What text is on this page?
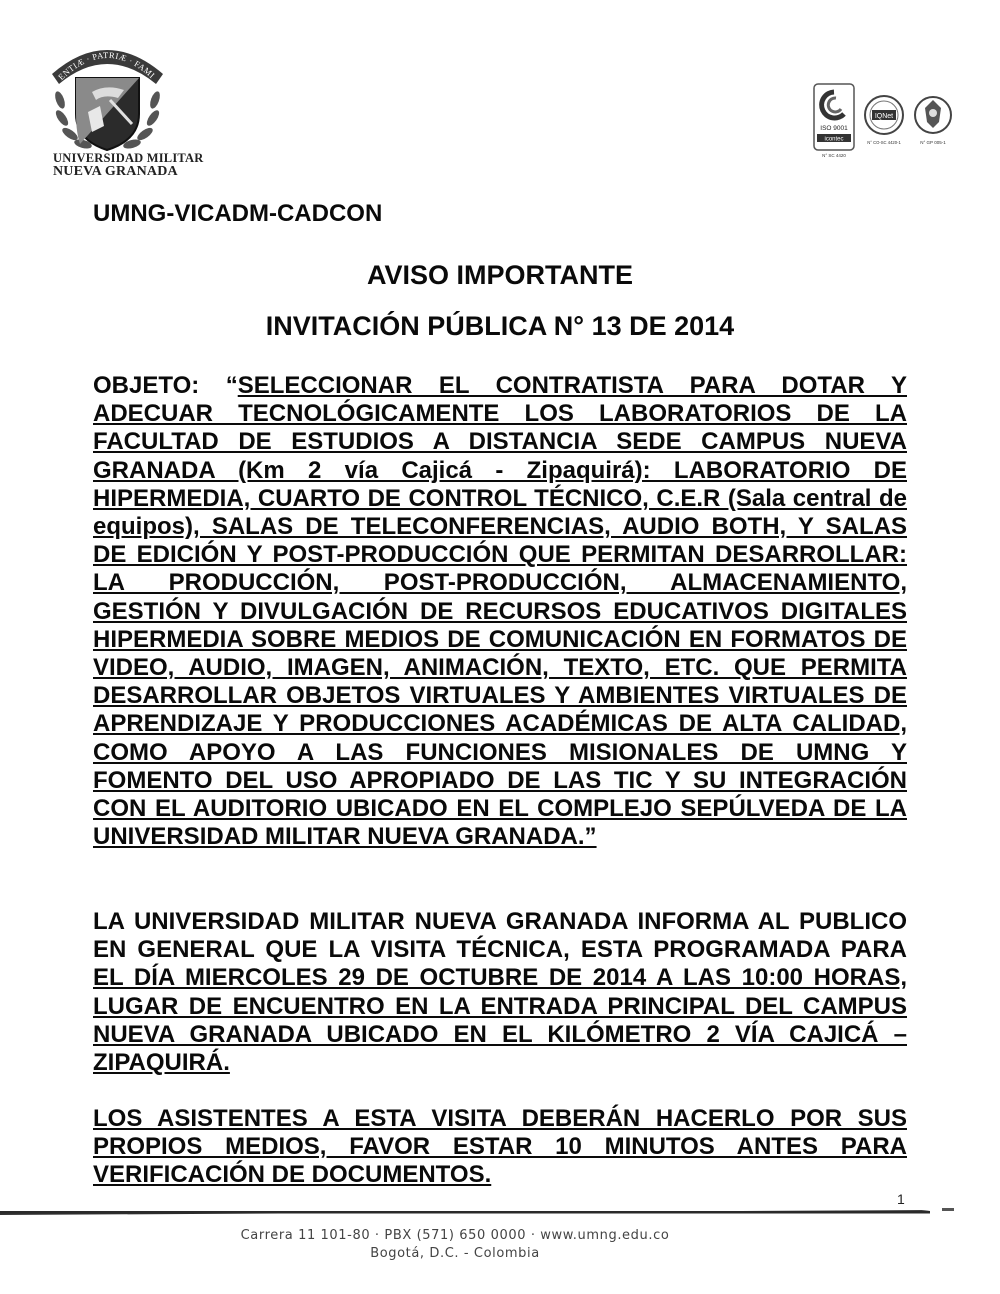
ENTIÆ · PATRIÆ · FAMI
UNIVERSIDAD MILITAR
NUEVA GRANADA
ISO 9001
icontec
N° SC 4420
IQNet
N° CO-SC 4420-1	N° GP 005-1
UMNG-VICADM-CADCON
AVISO IMPORTANTE
INVITACIÓN PÚBLICA N° 13 DE 2014

OBJETO: “SELECCIONAR EL CONTRATISTA PARA DOTAR Y ADECUAR TECNOLÓGICAMENTE LOS LABORATORIOS DE LA FACULTAD DE ESTUDIOS A DISTANCIA SEDE CAMPUS NUEVA GRANADA (Km 2 vía Cajicá - Zipaquirá): LABORATORIO DE HIPERMEDIA, CUARTO DE CONTROL TÉCNICO, C.E.R (Sala central de equipos), SALAS DE TELECONFERENCIAS, AUDIO BOTH, Y SALAS DE EDICIÓN Y POST-PRODUCCIÓN QUE PERMITAN DESARROLLAR: LA PRODUCCIÓN, POST-PRODUCCIÓN, ALMACENAMIENTO, GESTIÓN Y DIVULGACIÓN DE RECURSOS EDUCATIVOS DIGITALES HIPERMEDIA SOBRE MEDIOS DE COMUNICACIÓN EN FORMATOS DE VIDEO, AUDIO, IMAGEN, ANIMACIÓN, TEXTO, ETC. QUE PERMITA DESARROLLAR OBJETOS VIRTUALES Y AMBIENTES VIRTUALES DE APRENDIZAJE Y PRODUCCIONES ACADÉMICAS DE ALTA CALIDAD, COMO APOYO A LAS FUNCIONES MISIONALES DE UMNG Y FOMENTO DEL USO APROPIADO DE LAS TIC Y SU INTEGRACIÓN CON EL AUDITORIO UBICADO EN EL COMPLEJO SEPÚLVEDA DE LA UNIVERSIDAD MILITAR NUEVA GRANADA.”

LA UNIVERSIDAD MILITAR NUEVA GRANADA INFORMA AL PUBLICO EN GENERAL QUE LA VISITA TÉCNICA, ESTA PROGRAMADA PARA EL DÍA MIERCOLES 29 DE OCTUBRE DE 2014 A LAS 10:00 HORAS, LUGAR DE ENCUENTRO EN LA ENTRADA PRINCIPAL DEL CAMPUS NUEVA GRANADA UBICADO EN EL KILÓMETRO 2 VÍA CAJICÁ – ZIPAQUIRÁ.

LOS ASISTENTES A ESTA VISITA DEBERÁN HACERLO POR SUS PROPIOS MEDIOS, FAVOR ESTAR 10 MINUTOS ANTES PARA VERIFICACIÓN DE DOCUMENTOS.

1
Carrera 11 101-80 · PBX (571) 650 0000 · www.umng.edu.co
Bogotá, D.C. - Colombia
